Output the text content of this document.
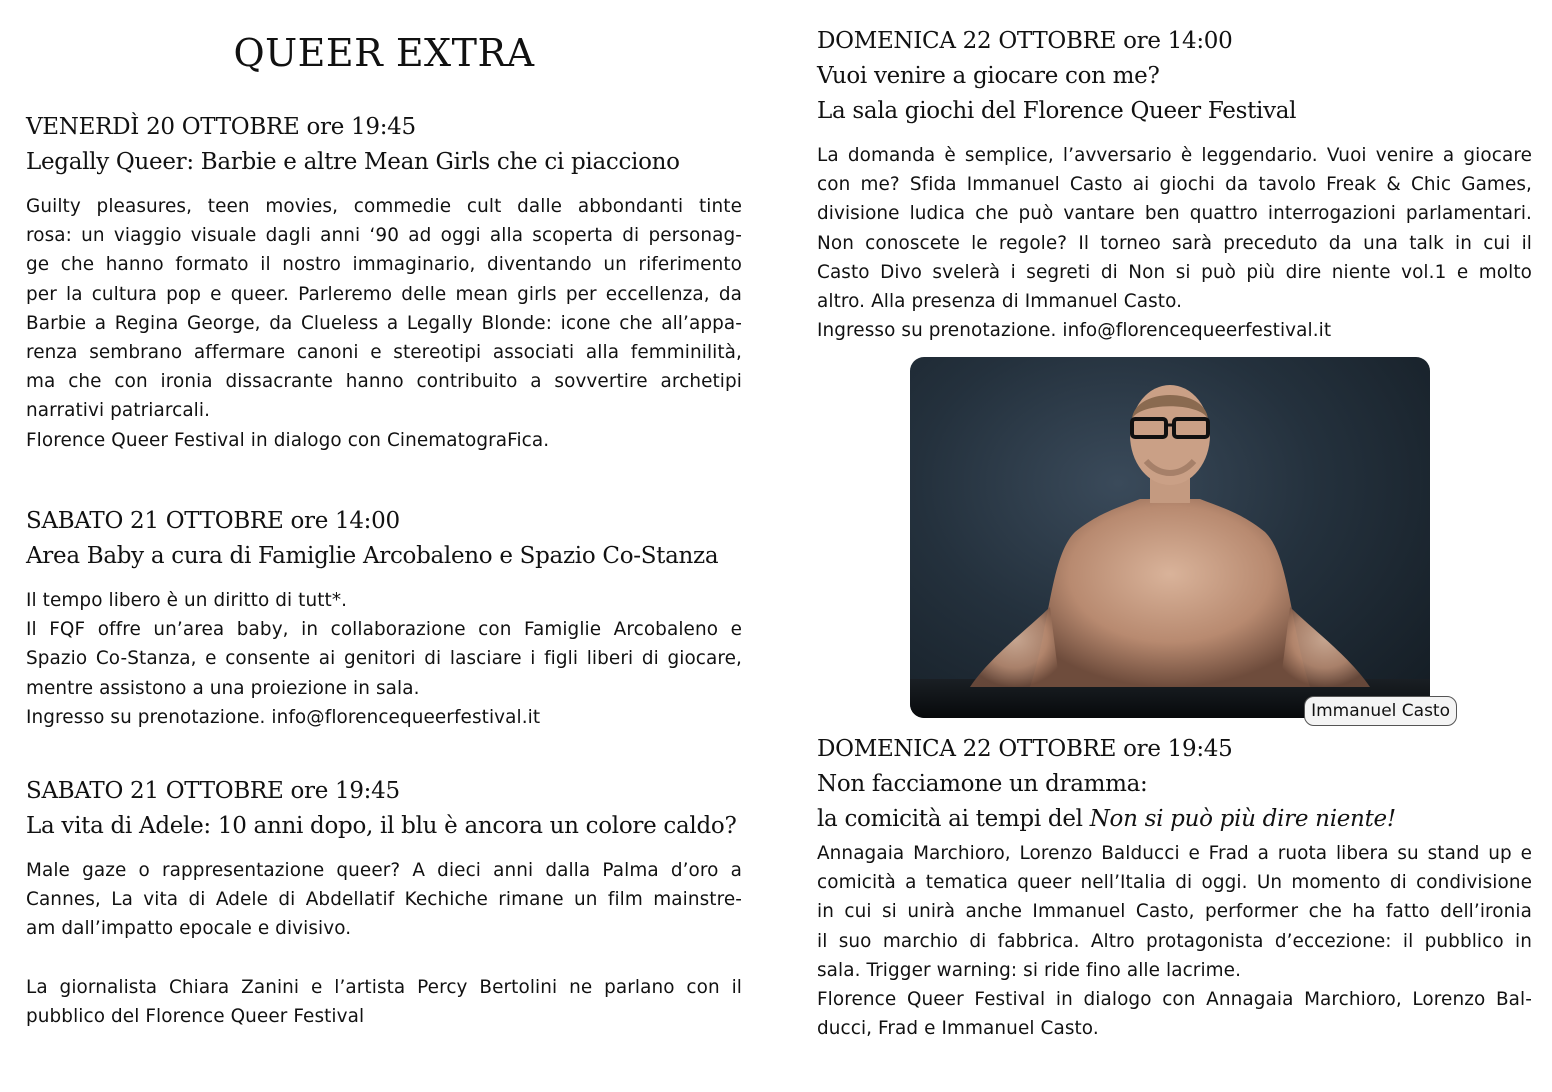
QUEER EXTRA
VENERDÌ 20 OTTOBRE ore 19:45
Legally Queer: Barbie e altre Mean Girls che ci piacciono
Guilty pleasures, teen movies, commedie cult dalle abbondanti tinte
rosa: un viaggio visuale dagli anni ‘90 ad oggi alla scoperta di personag-
ge che hanno formato il nostro immaginario, diventando un riferimento
per la cultura pop e queer. Parleremo delle mean girls per eccellenza, da
Barbie a Regina George, da Clueless a Legally Blonde: icone che all’appa-
renza sembrano affermare canoni e stereotipi associati alla femminilità,
ma che con ironia dissacrante hanno contribuito a sovvertire archetipi
narrativi patriarcali.
Florence Queer Festival in dialogo con CinematograFica.
SABATO 21 OTTOBRE ore 14:00
Area Baby a cura di Famiglie Arcobaleno e Spazio Co-Stanza
Il tempo libero è un diritto di tutt*.
Il FQF offre un’area baby, in collaborazione con Famiglie Arcobaleno e
Spazio Co-Stanza, e consente ai genitori di lasciare i figli liberi di giocare,
mentre assistono a una proiezione in sala.
Ingresso su prenotazione. info@florencequeerfestival.it
SABATO 21 OTTOBRE ore 19:45
La vita di Adele: 10 anni dopo, il blu è ancora un colore caldo?
Male gaze o rappresentazione queer? A dieci anni dalla Palma d’oro a
Cannes, La vita di Adele di Abdellatif Kechiche rimane un film mainstre-
am dall’impatto epocale e divisivo.
La giornalista Chiara Zanini e l’artista Percy Bertolini ne parlano con il
pubblico del Florence Queer Festival
DOMENICA 22 OTTOBRE ore 14:00
Vuoi venire a giocare con me?
La sala giochi del Florence Queer Festival
La domanda è semplice, l’avversario è leggendario. Vuoi venire a giocare
con me? Sfida Immanuel Casto ai giochi da tavolo Freak & Chic Games,
divisione ludica che può vantare ben quattro interrogazioni parlamentari.
Non conoscete le regole? Il torneo sarà preceduto da una talk in cui il
Casto Divo svelerà i segreti di Non si può più dire niente vol.1 e molto
altro. Alla presenza di Immanuel Casto.
Ingresso su prenotazione. info@florencequeerfestival.it
Immanuel Casto
DOMENICA 22 OTTOBRE ore 19:45
Non facciamone un dramma:
la comicità ai tempi del Non si può più dire niente!
Annagaia Marchioro, Lorenzo Balducci e Frad a ruota libera su stand up e
comicità a tematica queer nell’Italia di oggi. Un momento di condivisione
in cui si unirà anche Immanuel Casto, performer che ha fatto dell’ironia
il suo marchio di fabbrica. Altro protagonista d’eccezione: il pubblico in
sala. Trigger warning: si ride fino alle lacrime.
Florence Queer Festival in dialogo con Annagaia Marchioro, Lorenzo Bal-
ducci, Frad e Immanuel Casto.
